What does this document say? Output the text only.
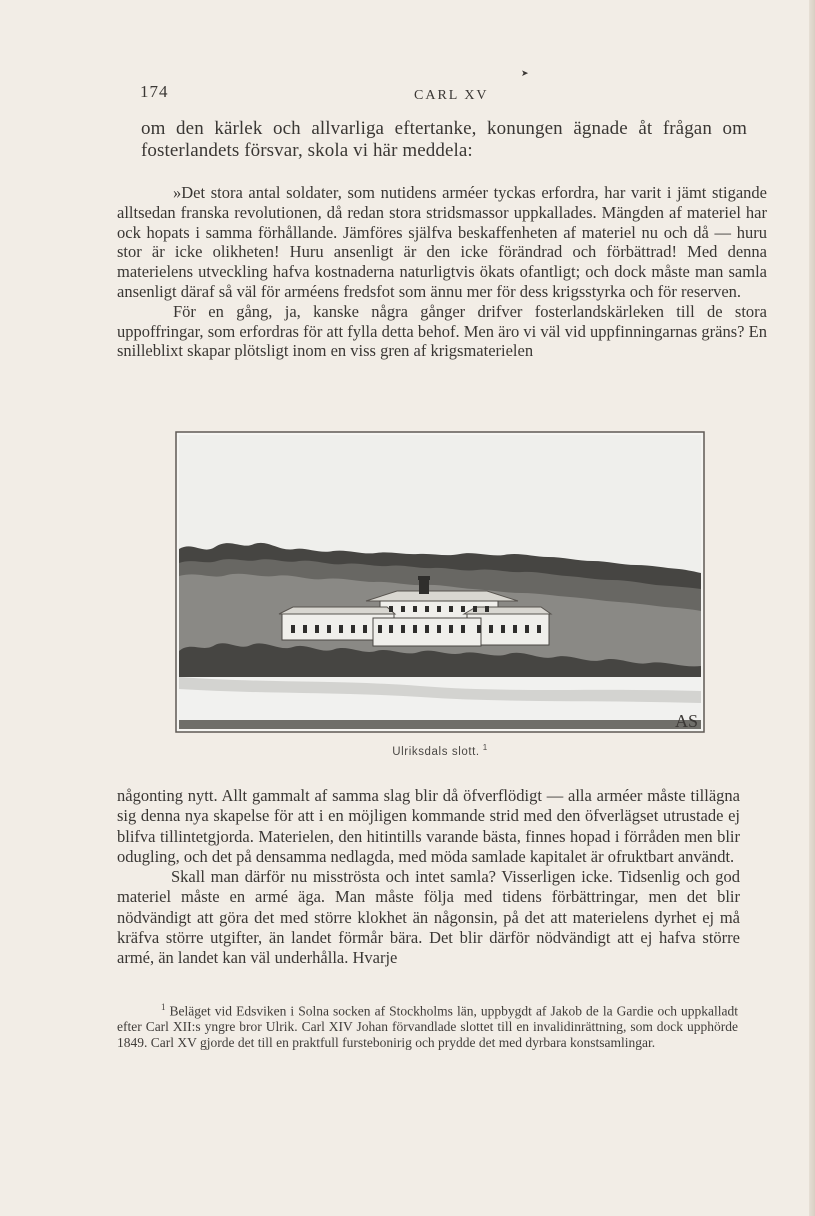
174
➤
CARL XV
om den kärlek och allvarliga eftertanke, konungen ägnade åt frågan om
fosterlandets försvar, skola vi här meddela:

»Det stora antal soldater, som nutidens arméer tyckas erfordra, har varit i jämt stigande alltsedan franska revolutionen, då redan stora stridsmassor uppkallades. Mängden af materiel har ock hopats i samma förhållande. Jämföres själfva beskaffenheten af materiel nu och då — huru stor är icke olikheten! Huru ansenligt är den icke förändrad och förbättrad! Med denna materielens utveckling hafva kostnaderna naturligtvis ökats ofantligt; och dock måste man samla ansenligt däraf så väl för arméens fredsfot som ännu mer för dess krigsstyrka och för reserven.

För en gång, ja, kanske några gånger drifver fosterlandskärleken till de stora uppoffringar, som erfordras för att fylla detta behof. Men äro vi väl vid uppfinningarnas gräns? En snilleblixt skapar plötsligt inom en viss gren af krigsmaterielen

AS
Ulriksdals slott. $^1$

någonting nytt. Allt gammalt af samma slag blir då öfverflödigt — alla arméer måste tillägna sig denna nya skapelse för att i en möjligen kommande strid med den öfverlägset utrustade ej blifva tillintetgjorda. Materielen, den hitintills varande bästa, finnes hopad i förråden men blir odugling, och det på densamma nedlagda, med möda samlade kapitalet är ofruktbart användt.

Skall man därför nu misströsta och intet samla? Visserligen icke. Tidsenlig och god materiel måste en armé äga. Man måste följa med tidens förbättringar, men det blir nödvändigt att göra det med större klokhet än någonsin, på det att materielens dyrhet ej må kräfva större utgifter, än landet förmår bära. Det blir därför nödvändigt att ej hafva större armé, än landet kan väl underhålla. Hvarje

$^1$ Beläget vid Edsviken i Solna socken af Stockholms län, uppbygdt af Jakob de la Gardie och uppkalladt efter Carl XII:s yngre bror Ulrik. Carl XIV Johan förvandlade slottet till en invalidinrättning, som dock upphörde 1849. Carl XV gjorde det till en praktfull furstebonirig och prydde det med dyrbara konstsamlingar.
